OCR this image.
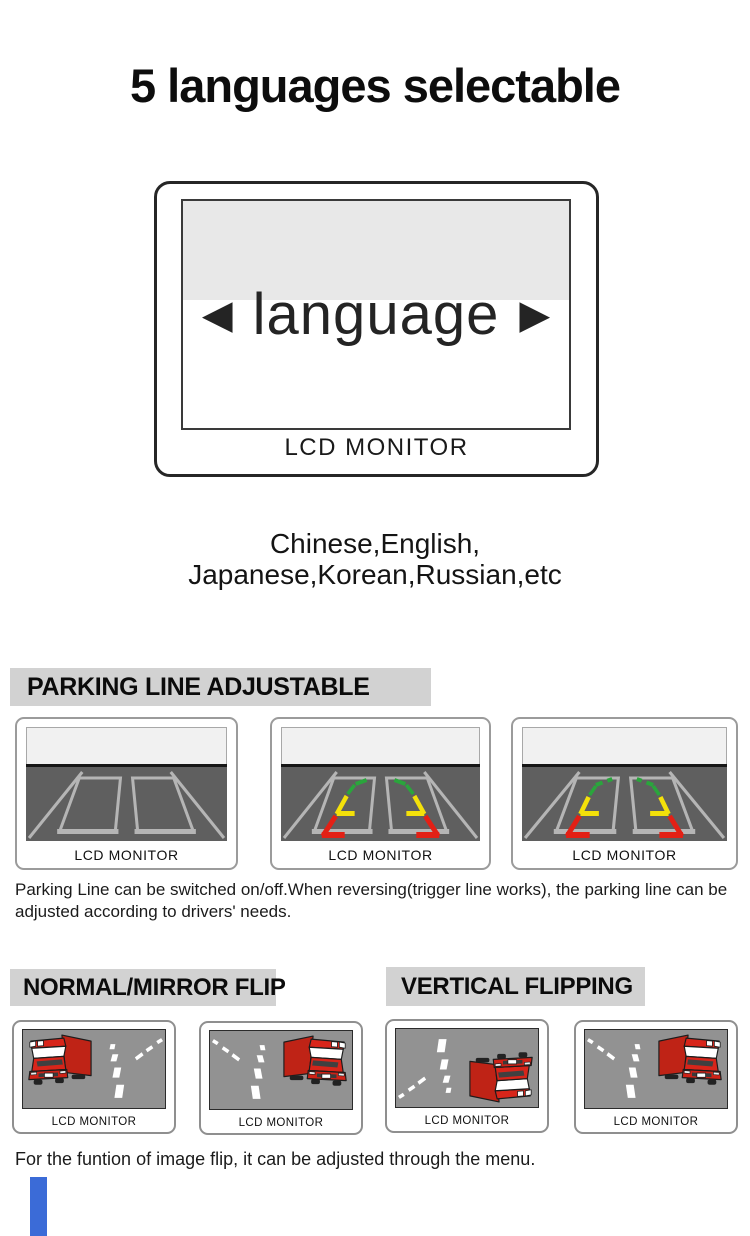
5 languages selectable
◀ language ▶
LCD MONITOR
Chinese,English,
Japanese,Korean,Russian,etc
PARKING LINE ADJUSTABLE
LCD MONITOR	LCD MONITOR	LCD MONITOR

Parking Line can be switched on/off.When reversing(trigger line works), the parking line can be adjusted according to drivers' needs.

NORMAL/MIRROR FLIP	VERTICAL FLIPPING
LCD MONITOR	LCD MONITOR	LCD MONITOR	LCD MONITOR

For the funtion of image flip, it can be adjusted through the menu.
